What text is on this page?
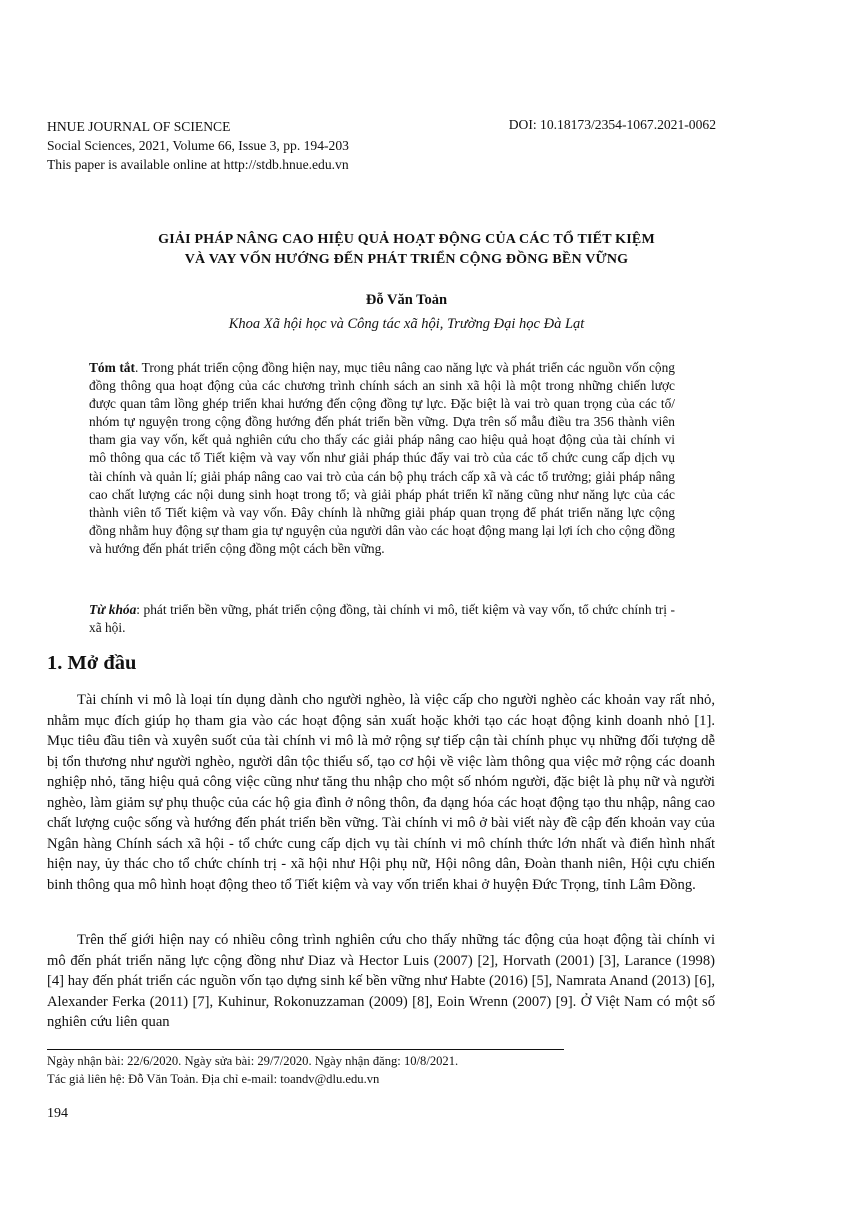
HNUE JOURNAL OF SCIENCE
Social Sciences, 2021, Volume 66, Issue 3, pp. 194-203
This paper is available online at http://stdb.hnue.edu.vn
DOI: 10.18173/2354-1067.2021-0062
GIẢI PHÁP NÂNG CAO HIỆU QUẢ HOẠT ĐỘNG CỦA CÁC TỔ TIẾT KIỆM
VÀ VAY VỐN HƯỚNG ĐẾN PHÁT TRIỂN CỘNG ĐỒNG BỀN VỮNG
Đỗ Văn Toản
Khoa Xã hội học và Công tác xã hội, Trường Đại học Đà Lạt
Tóm tắt. Trong phát triển cộng đồng hiện nay, mục tiêu nâng cao năng lực và phát triển các nguồn vốn cộng đồng thông qua hoạt động của các chương trình chính sách an sinh xã hội là một trong những chiến lược được quan tâm lồng ghép triển khai hướng đến cộng đồng tự lực. Đặc biệt là vai trò quan trọng của các tổ/ nhóm tự nguyện trong cộng đồng hướng đến phát triển bền vững. Dựa trên số mẫu điều tra 356 thành viên tham gia vay vốn, kết quả nghiên cứu cho thấy các giải pháp nâng cao hiệu quả hoạt động của tài chính vi mô thông qua các tổ Tiết kiệm và vay vốn như giải pháp thúc đẩy vai trò của các tổ chức cung cấp dịch vụ tài chính và quản lí; giải pháp nâng cao vai trò của cán bộ phụ trách cấp xã và các tổ trưởng; giải pháp nâng cao chất lượng các nội dung sinh hoạt trong tổ; và giải pháp phát triển kĩ năng cũng như năng lực của các thành viên tổ Tiết kiệm và vay vốn. Đây chính là những giải pháp quan trọng để phát triển năng lực cộng đồng nhằm huy động sự tham gia tự nguyện của người dân vào các hoạt động mang lại lợi ích cho cộng đồng và hướng đến phát triển cộng đồng một cách bền vững.
Từ khóa: phát triển bền vững, phát triển cộng đồng, tài chính vi mô, tiết kiệm và vay vốn, tổ chức chính trị - xã hội.
1. Mở đầu
Tài chính vi mô là loại tín dụng dành cho người nghèo, là việc cấp cho người nghèo các khoản vay rất nhỏ, nhằm mục đích giúp họ tham gia vào các hoạt động sản xuất hoặc khởi tạo các hoạt động kinh doanh nhỏ [1]. Mục tiêu đầu tiên và xuyên suốt của tài chính vi mô là mở rộng sự tiếp cận tài chính phục vụ những đối tượng dễ bị tổn thương như người nghèo, người dân tộc thiểu số, tạo cơ hội về việc làm thông qua việc mở rộng các doanh nghiệp nhỏ, tăng hiệu quả công việc cũng như tăng thu nhập cho một số nhóm người, đặc biệt là phụ nữ và người nghèo, làm giảm sự phụ thuộc của các hộ gia đình ở nông thôn, đa dạng hóa các hoạt động tạo thu nhập, nâng cao chất lượng cuộc sống và hướng đến phát triển bền vững. Tài chính vi mô ở bài viết này đề cập đến khoản vay của Ngân hàng Chính sách xã hội - tổ chức cung cấp dịch vụ tài chính vi mô chính thức lớn nhất và điển hình nhất hiện nay, ủy thác cho tổ chức chính trị - xã hội như Hội phụ nữ, Hội nông dân, Đoàn thanh niên, Hội cựu chiến binh thông qua mô hình hoạt động theo tổ Tiết kiệm và vay vốn triển khai ở huyện Đức Trọng, tỉnh Lâm Đồng.
Trên thế giới hiện nay có nhiều công trình nghiên cứu cho thấy những tác động của hoạt động tài chính vi mô đến phát triển năng lực cộng đồng như Diaz và Hector Luis (2007) [2], Horvath (2001) [3], Larance (1998) [4] hay đến phát triển các nguồn vốn tạo dựng sinh kế bền vững như Habte (2016) [5], Namrata Anand (2013) [6], Alexander Ferka (2011) [7], Kuhinur, Rokonuzzaman (2009) [8], Eoin Wrenn (2007) [9]. Ở Việt Nam có một số nghiên cứu liên quan
Ngày nhận bài: 22/6/2020. Ngày sửa bài: 29/7/2020. Ngày nhận đăng: 10/8/2021.
Tác giả liên hệ: Đỗ Văn Toản. Địa chỉ e-mail: toandv@dlu.edu.vn
194
